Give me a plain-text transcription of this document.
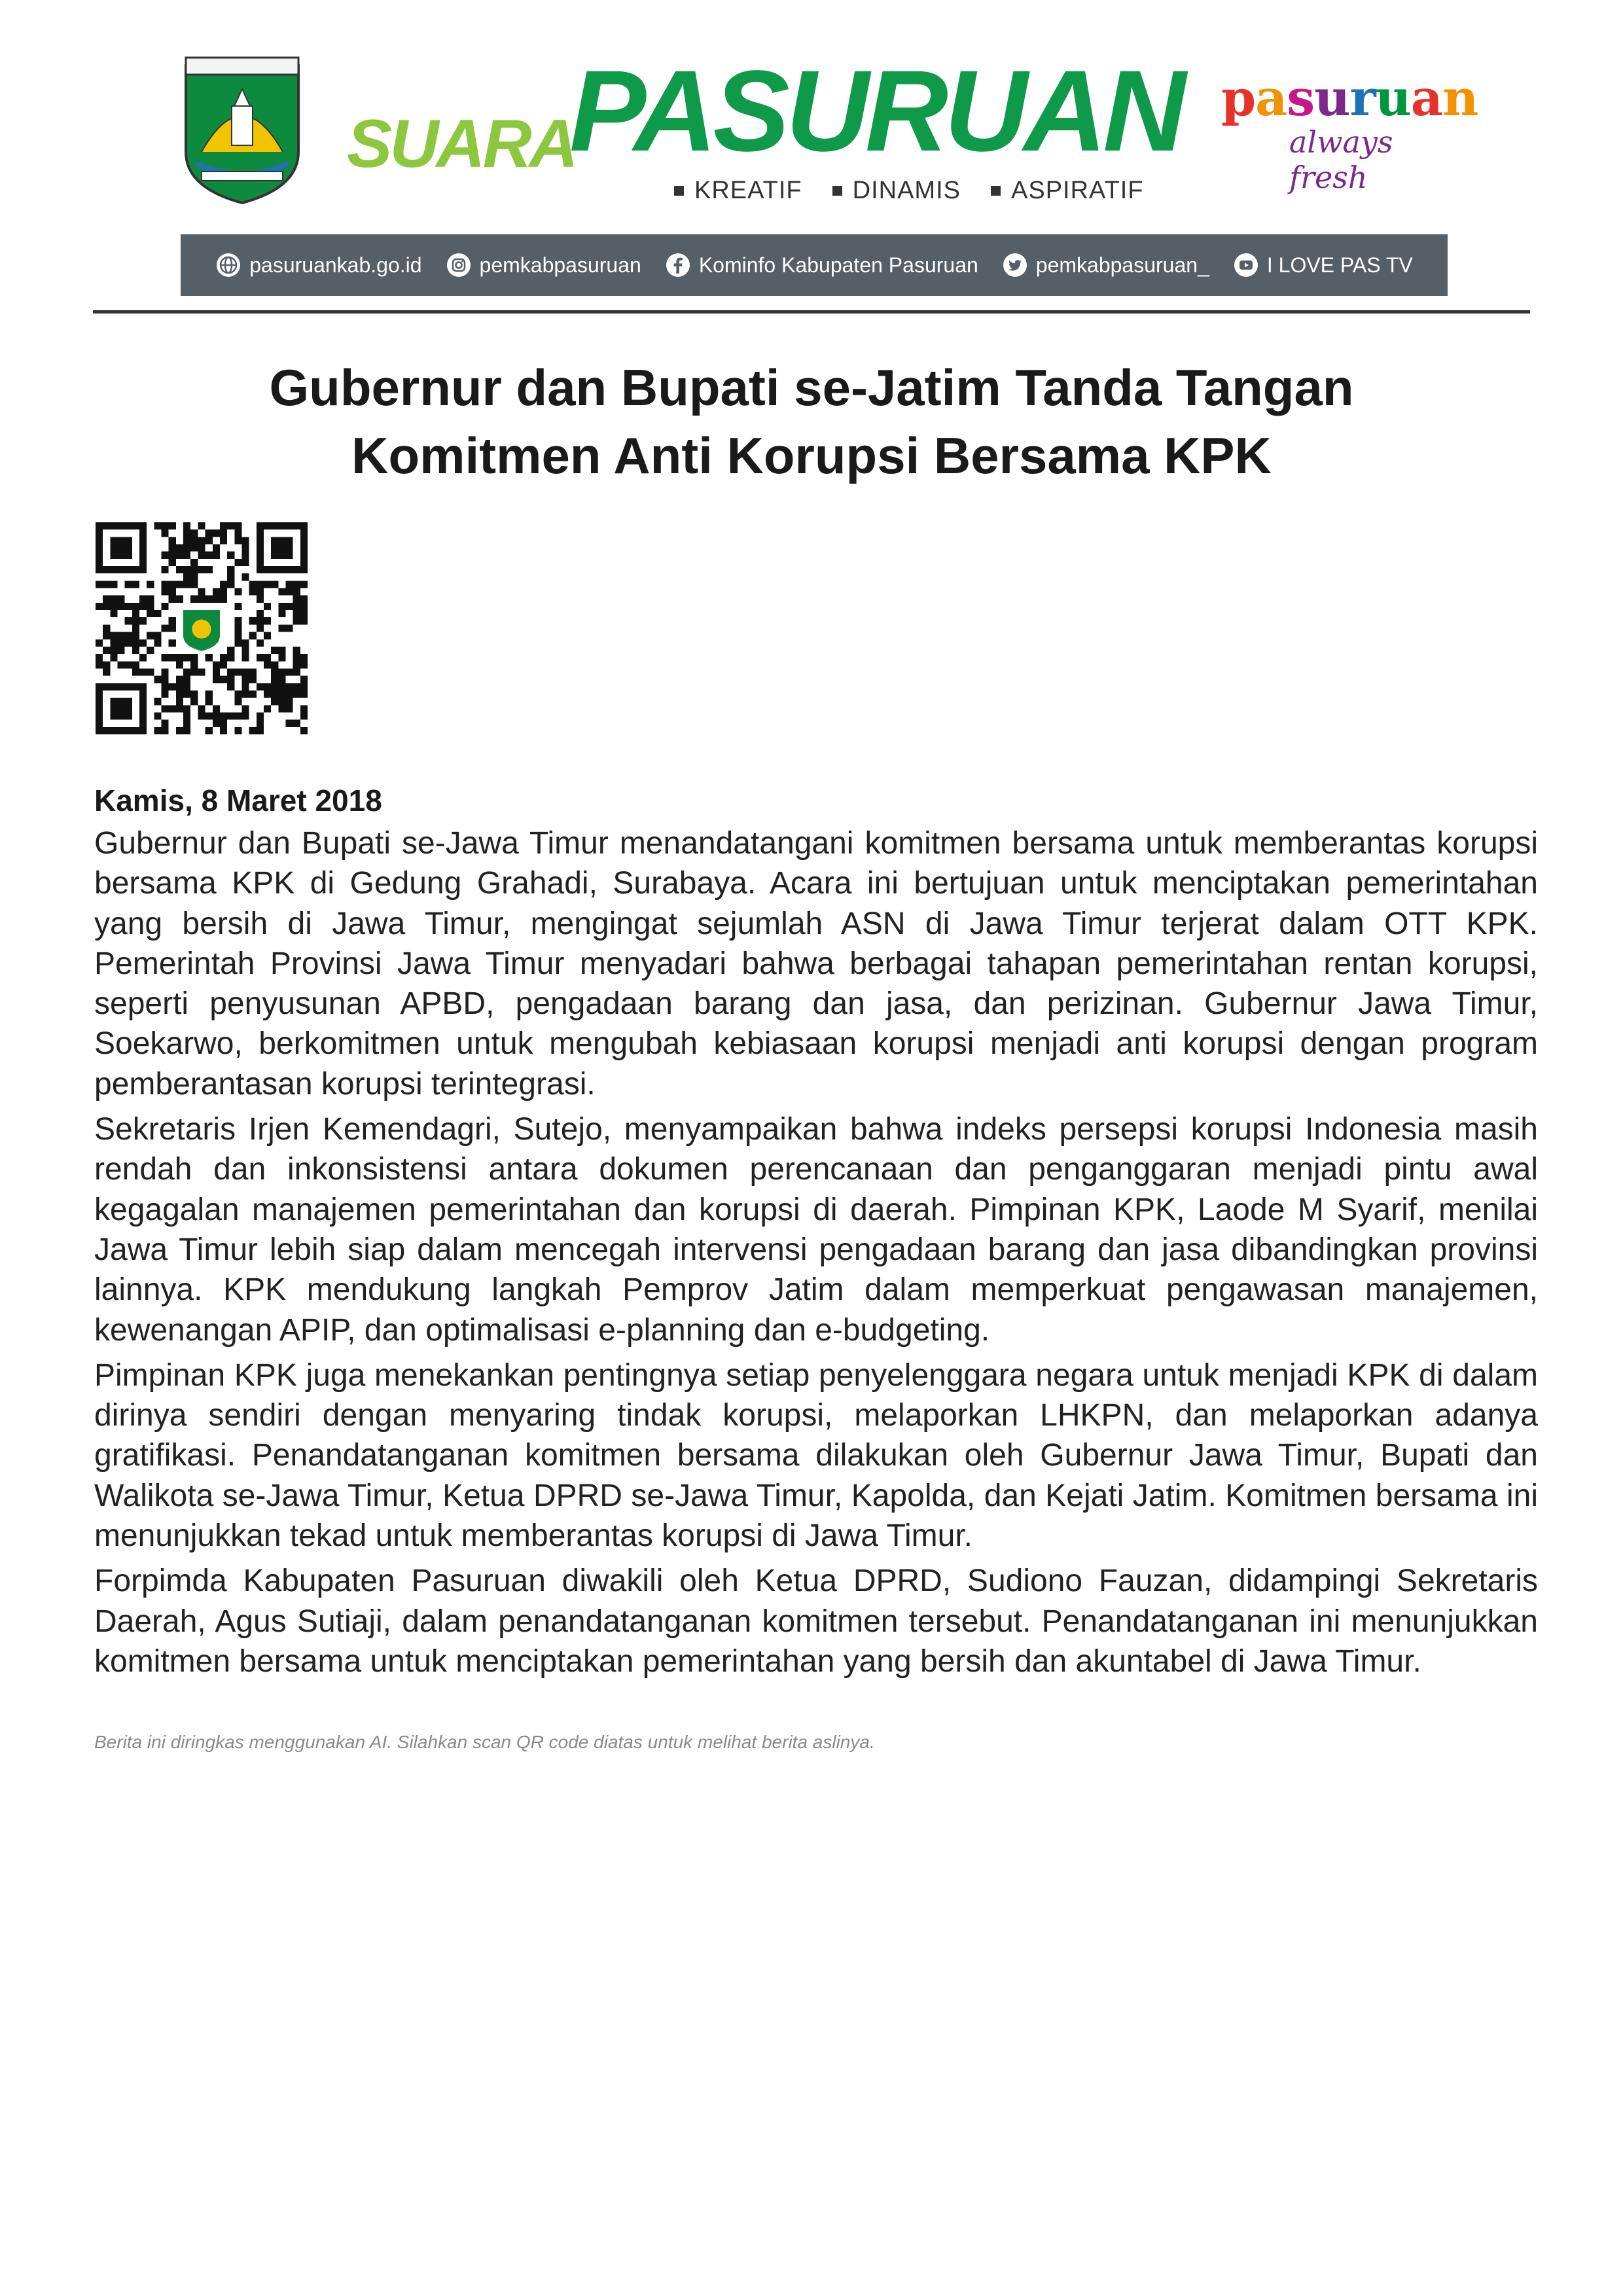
SUARA
PASURUAN
KREATIF DINAMIS ASPIRATIF
pasuruan
always fresh
pasuruankab.go.id	pemkabpasuruan	Kominfo Kabupaten Pasuruan	pemkabpasuruan_	I LOVE PAS TV
Gubernur dan Bupati se-Jatim Tanda Tangan
Komitmen Anti Korupsi Bersama KPK
Kamis, 8 Maret 2018

Gubernur dan Bupati se-Jawa Timur menandatangani komitmen bersama untuk memberantas korupsi bersama KPK di Gedung Grahadi, Surabaya. Acara ini bertujuan untuk menciptakan pemerintahan yang bersih di Jawa Timur, mengingat sejumlah ASN di Jawa Timur terjerat dalam OTT KPK. Pemerintah Provinsi Jawa Timur menyadari bahwa berbagai tahapan pemerintahan rentan korupsi, seperti penyusunan APBD, pengadaan barang dan jasa, dan perizinan. Gubernur Jawa Timur, Soekarwo, berkomitmen untuk mengubah kebiasaan korupsi menjadi anti korupsi dengan program pemberantasan korupsi terintegrasi.

Sekretaris Irjen Kemendagri, Sutejo, menyampaikan bahwa indeks persepsi korupsi Indonesia masih rendah dan inkonsistensi antara dokumen perencanaan dan penganggaran menjadi pintu awal kegagalan manajemen pemerintahan dan korupsi di daerah. Pimpinan KPK, Laode M Syarif, menilai Jawa Timur lebih siap dalam mencegah intervensi pengadaan barang dan jasa dibandingkan provinsi lainnya. KPK mendukung langkah Pemprov Jatim dalam memperkuat pengawasan manajemen, kewenangan APIP, dan optimalisasi e-planning dan e-budgeting.

Pimpinan KPK juga menekankan pentingnya setiap penyelenggara negara untuk menjadi KPK di dalam dirinya sendiri dengan menyaring tindak korupsi, melaporkan LHKPN, dan melaporkan adanya gratifikasi. Penandatanganan komitmen bersama dilakukan oleh Gubernur Jawa Timur, Bupati dan Walikota se-Jawa Timur, Ketua DPRD se-Jawa Timur, Kapolda, dan Kejati Jatim. Komitmen bersama ini menunjukkan tekad untuk memberantas korupsi di Jawa Timur.

Forpimda Kabupaten Pasuruan diwakili oleh Ketua DPRD, Sudiono Fauzan, didampingi Sekretaris Daerah, Agus Sutiaji, dalam penandatanganan komitmen tersebut. Penandatanganan ini menunjukkan komitmen bersama untuk menciptakan pemerintahan yang bersih dan akuntabel di Jawa Timur.

Berita ini diringkas menggunakan AI. Silahkan scan QR code diatas untuk melihat berita aslinya.
